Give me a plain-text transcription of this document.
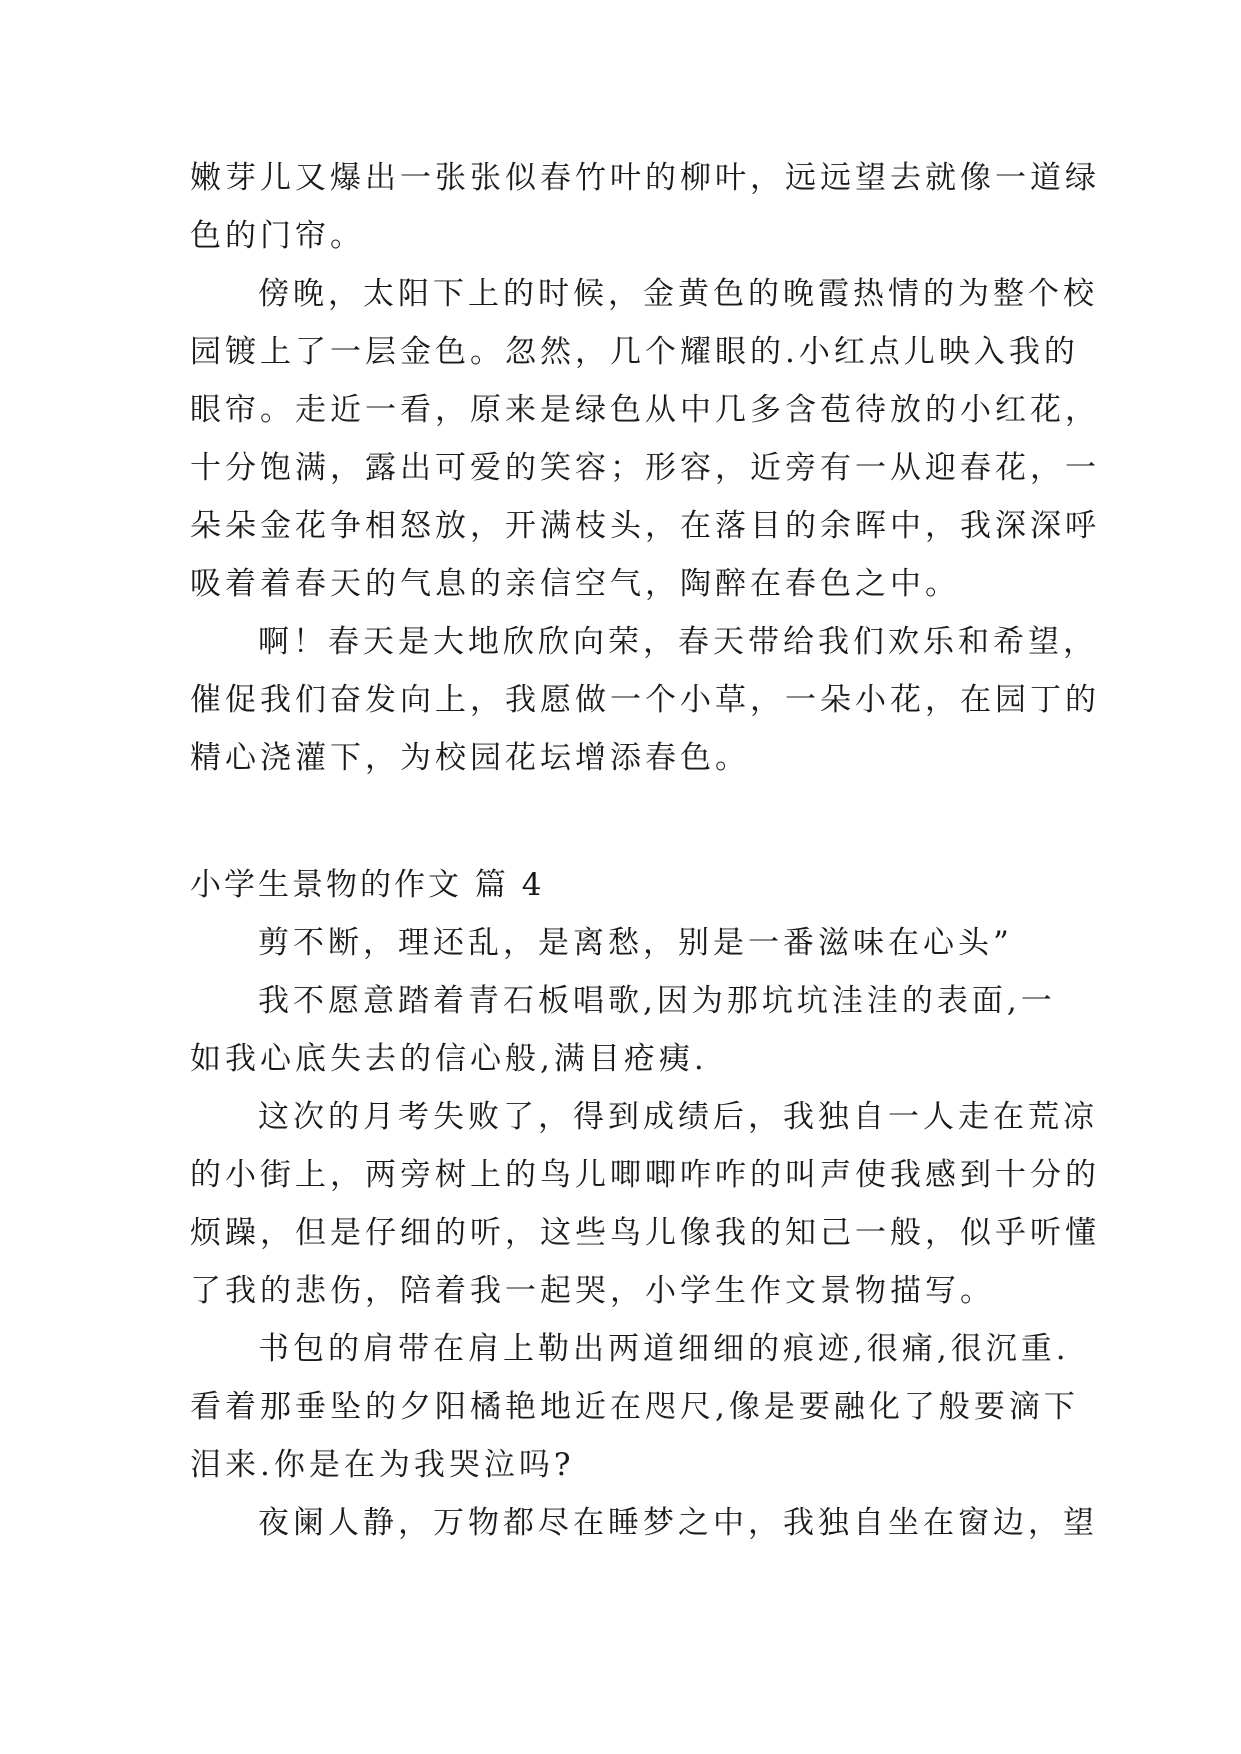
嫩芽儿又爆出一张张似春竹叶的柳叶，远远望去就像一道绿
色的门帘。
傍晚，太阳下上的时候，金黄色的晚霞热情的为整个校
园镀上了一层金色。忽然，几个耀眼的.小红点儿映入我的
眼帘。走近一看，原来是绿色从中几多含苞待放的小红花，
十分饱满，露出可爱的笑容；形容，近旁有一从迎春花，一
朵朵金花争相怒放，开满枝头，在落目的余晖中，我深深呼
吸着着春天的气息的亲信空气，陶醉在春色之中。
啊！春天是大地欣欣向荣，春天带给我们欢乐和希望，
催促我们奋发向上，我愿做一个小草，一朵小花，在园丁的
精心浇灌下，为校园花坛增添春色。
小学生景物的作文 篇 4
剪不断，理还乱，是离愁，别是一番滋味在心头”
我不愿意踏着青石板唱歌,因为那坑坑洼洼的表面,一
如我心底失去的信心般,满目疮痍.
这次的月考失败了，得到成绩后，我独自一人走在荒凉
的小街上，两旁树上的鸟儿唧唧咋咋的叫声使我感到十分的
烦躁，但是仔细的听，这些鸟儿像我的知己一般，似乎听懂
了我的悲伤，陪着我一起哭，小学生作文景物描写。
书包的肩带在肩上勒出两道细细的痕迹,很痛,很沉重.
看着那垂坠的夕阳橘艳地近在咫尺,像是要融化了般要滴下
泪来.你是在为我哭泣吗?
夜阑人静，万物都尽在睡梦之中，我独自坐在窗边，望
